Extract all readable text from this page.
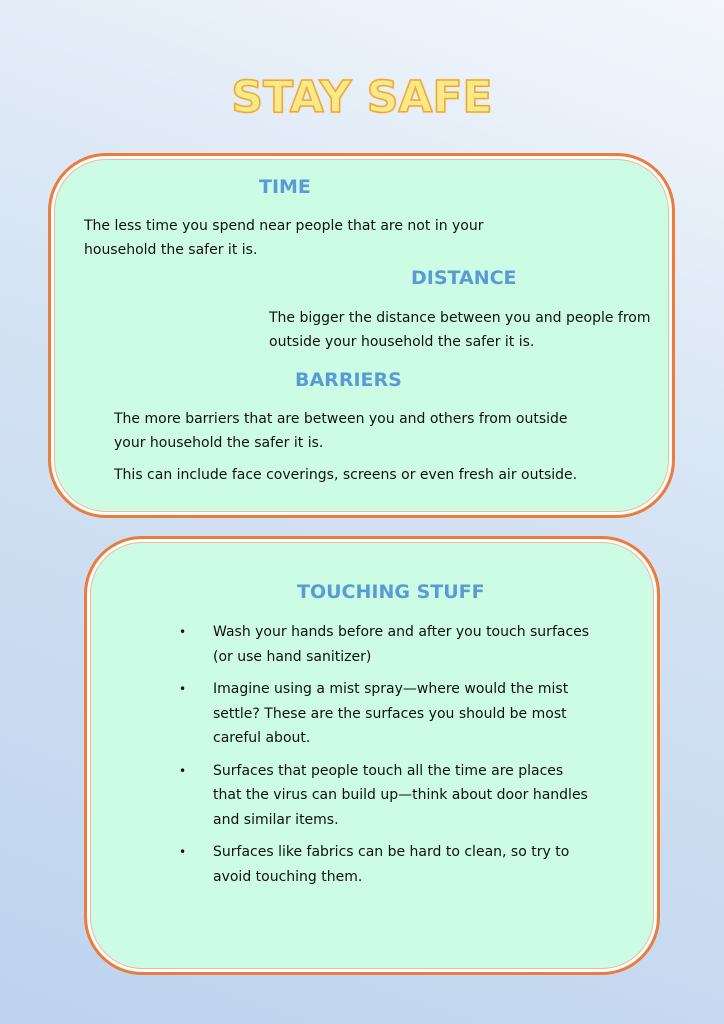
STAY SAFE
TIME

The less time you spend near people that are not in your household the safer it is.

DISTANCE

The bigger the distance between you and people from outside your household the safer it is.

BARRIERS

The more barriers that are between you and others from outside your household the safer it is.

This can include face coverings, screens or even fresh air outside.

TOUCHING STUFF
• Wash your hands before and after you touch surfaces (or use hand sanitizer)
• Imagine using a mist spray—where would the mist settle? These are the surfaces you should be most careful about.
• Surfaces that people touch all the time are places that the virus can build up—think about door handles and similar items.
• Surfaces like fabrics can be hard to clean, so try to avoid touching them.
